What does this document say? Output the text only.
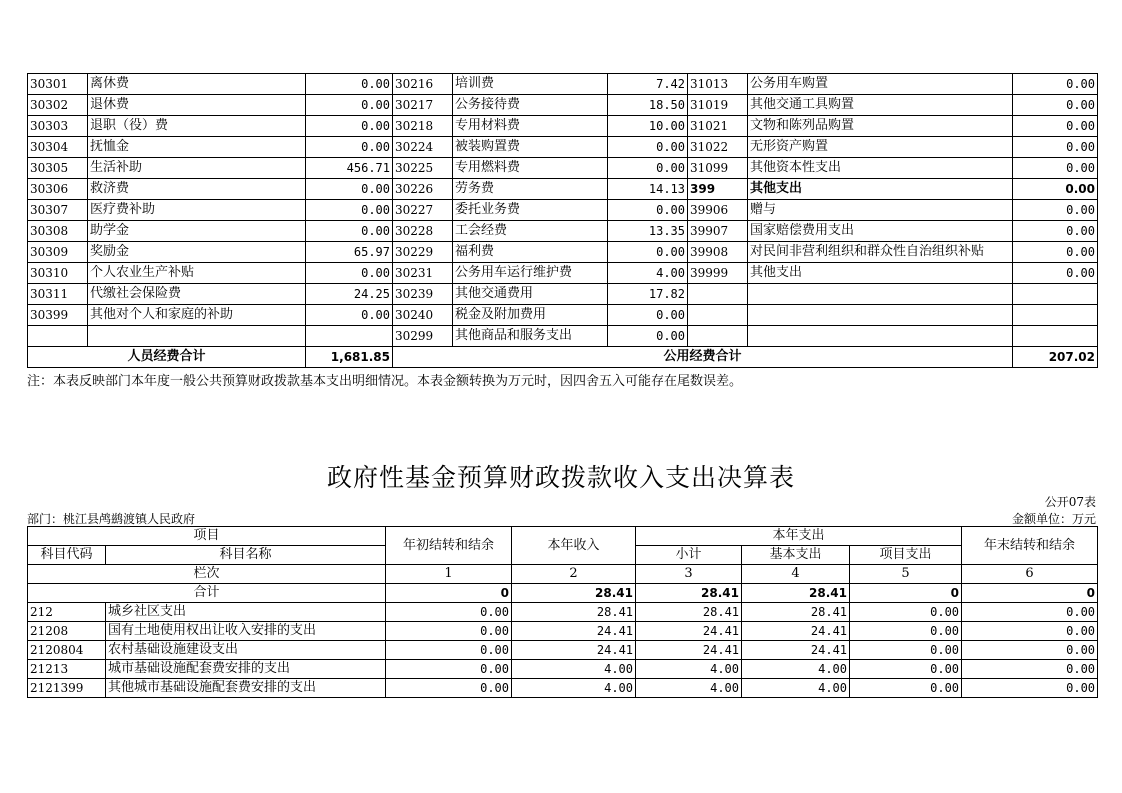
30301	离休费	0.00	30216	培训费	7.42	31013	公务用车购置	0.00
30302	退休费	0.00	30217	公务接待费	18.50	31019	其他交通工具购置	0.00
30303	退职（役）费	0.00	30218	专用材料费	10.00	31021	文物和陈列品购置	0.00
30304	抚恤金	0.00	30224	被装购置费	0.00	31022	无形资产购置	0.00
30305	生活补助	456.71	30225	专用燃料费	0.00	31099	其他资本性支出	0.00
30306	救济费	0.00	30226	劳务费	14.13	399	其他支出	0.00
30307	医疗费补助	0.00	30227	委托业务费	0.00	39906	赠与	0.00
30308	助学金	0.00	30228	工会经费	13.35	39907	国家赔偿费用支出	0.00
30309	奖励金	65.97	30229	福利费	0.00	39908	对民间非营利组织和群众性自治组织补贴	0.00
30310	个人农业生产补贴	0.00	30231	公务用车运行维护费	4.00	39999	其他支出	0.00
30311	代缴社会保险费	24.25	30239	其他交通费用	17.82			
30399	其他对个人和家庭的补助	0.00	30240	税金及附加费用	0.00			
			30299	其他商品和服务支出	0.00			
人员经费合计		1,681.85	公用经费合计					207.02
注：本表反映部门本年度一般公共预算财政拨款基本支出明细情况。本表金额转换为万元时，因四舍五入可能存在尾数误差。
政府性基金预算财政拨款收入支出决算表
公开07表
部门：桃江县鸬鹚渡镇人民政府	金额单位：万元
项目		年初结转和结余	本年收入	本年支出			年末结转和结余
科目代码	科目名称			小计	基本支出	项目支出	
栏次		1	2	3	4	5	6
合计		0	28.41	28.41	28.41	0	0
212	城乡社区支出	0.00	28.41	28.41	28.41	0.00	0.00
21208	国有土地使用权出让收入安排的支出	0.00	24.41	24.41	24.41	0.00	0.00
2120804	农村基础设施建设支出	0.00	24.41	24.41	24.41	0.00	0.00
21213	城市基础设施配套费安排的支出	0.00	4.00	4.00	4.00	0.00	0.00
2121399	其他城市基础设施配套费安排的支出	0.00	4.00	4.00	4.00	0.00	0.00
